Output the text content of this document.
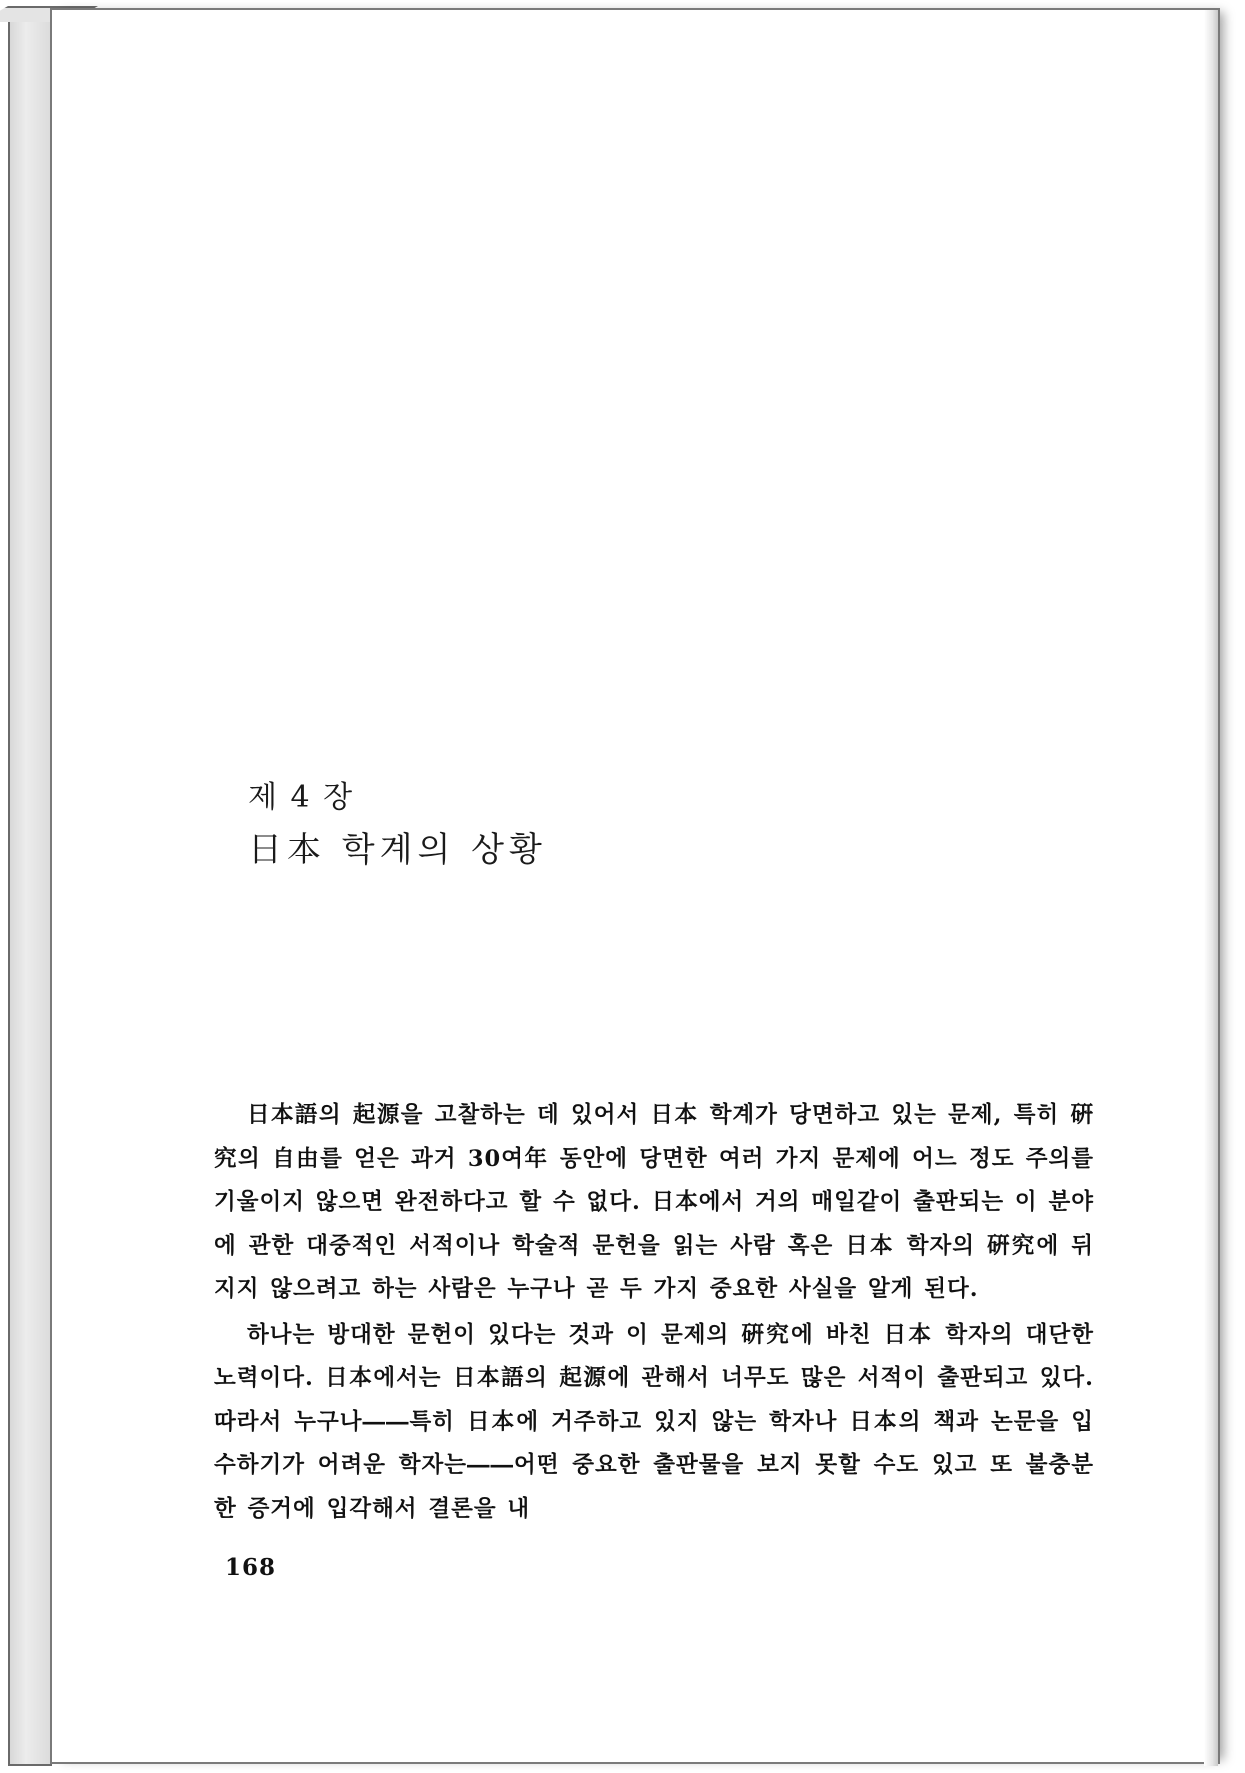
제 4 장
日本 학계의 상황

日本語의 起源을 고찰하는 데 있어서 日本 학계가 당면하고 있는 문제, 특히 硏究의 自由를 얻은 과거 30여年 동안에 당면한 여러 가지 문제에 어느 정도 주의를 기울이지 않으면 완전하다고 할 수 없다. 日本에서 거의 매일같이 출판되는 이 분야에 관한 대중적인 서적이나 학술적 문헌을 읽는 사람 혹은 日本 학자의 硏究에 뒤지지 않으려고 하는 사람은 누구나 곧 두 가지 중요한 사실을 알게 된다.

하나는 방대한 문헌이 있다는 것과 이 문제의 硏究에 바친 日本 학자의 대단한 노력이다. 日本에서는 日本語의 起源에 관해서 너무도 많은 서적이 출판되고 있다. 따라서 누구나――특히 日本에 거주하고 있지 않는 학자나 日本의 책과 논문을 입수하기가 어려운 학자는――어떤 중요한 출판물을 보지 못할 수도 있고 또 불충분한 증거에 입각해서 결론을 내

168
